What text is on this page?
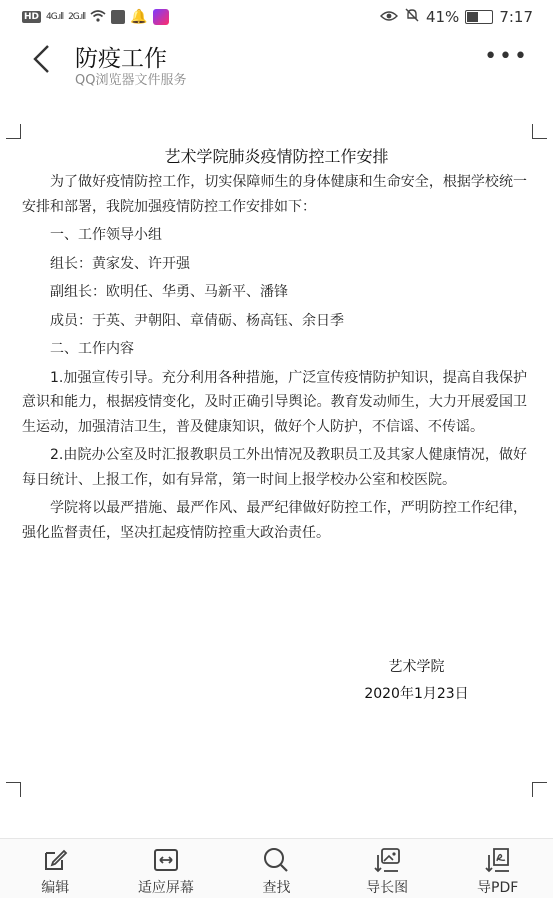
HD 4G.ıll 2G.ıll	🔔	41%	7:17
防疫工作
QQ浏览器文件服务
•••
艺术学院肺炎疫情防控工作安排

为了做好疫情防控工作，切实保障师生的身体健康和生命安全，根据学校统一安排和部署，我院加强疫情防控工作安排如下：

一、工作领导小组

组长：黄家发、许开强

副组长：欧明任、华勇、马新平、潘锋

成员：于英、尹朝阳、章倩砺、杨高钰、余日季

二、工作内容

1.加强宣传引导。充分利用各种措施，广泛宣传疫情防护知识，提高自我保护意识和能力，根据疫情变化，及时正确引导舆论。教育发动师生，大力开展爱国卫生运动，加强清洁卫生，普及健康知识，做好个人防护，不信谣、不传谣。

2.由院办公室及时汇报教职员工外出情况及教职员工及其家人健康情况，做好每日统计、上报工作，如有异常，第一时间上报学校办公室和校医院。

学院将以最严措施、最严作风、最严纪律做好防控工作，严明防控工作纪律，强化监督责任，坚决扛起疫情防控重大政治责任。

艺术学院
2020年1月23日
编辑	适应屏幕	查找	导长图	导PDF
